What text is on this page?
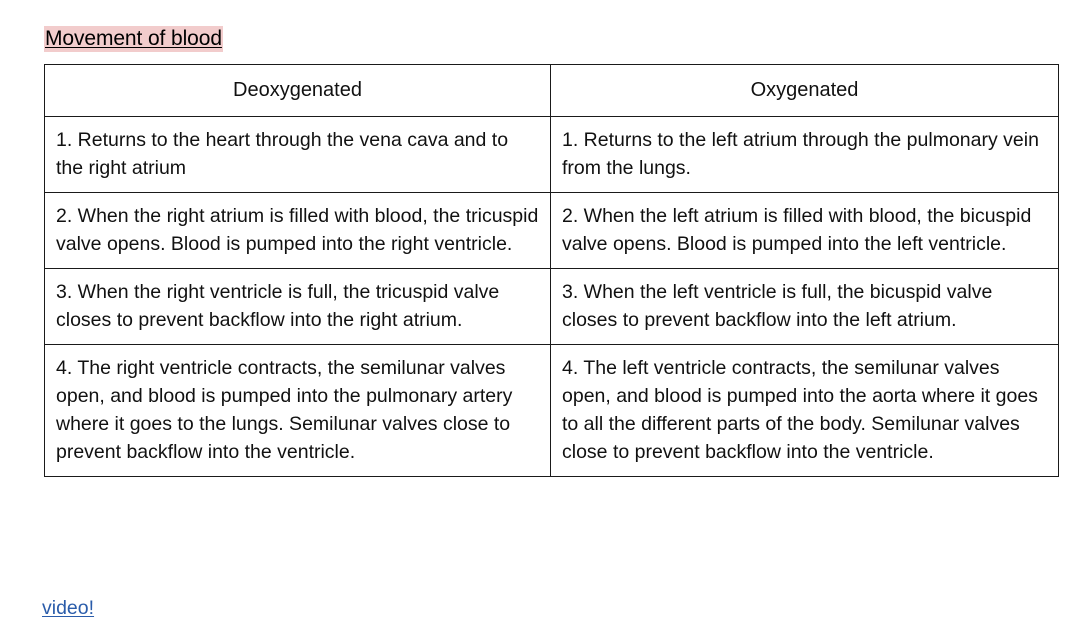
Movement of blood
Deoxygenated	Oxygenated

1. Returns to the heart through the vena cava and to the right atrium	1. Returns to the left atrium through the pulmonary vein from the lungs.

2. When the right atrium is filled with blood, the tricuspid valve opens. Blood is pumped into the right ventricle.	2. When the left atrium is filled with blood, the bicuspid valve opens. Blood is pumped into the left ventricle.

3. When the right ventricle is full, the tricuspid valve closes to prevent backflow into the right atrium.	3. When the left ventricle is full, the bicuspid valve closes to prevent backflow into the left atrium.

4. The right ventricle contracts, the semilunar valves open, and blood is pumped into the pulmonary artery where it goes to the lungs. Semilunar valves close to prevent backflow into the ventricle.	4. The left ventricle contracts, the semilunar valves open, and blood is pumped into the aorta where it goes to all the different parts of the body. Semilunar valves close to prevent backflow into the ventricle.
video!
